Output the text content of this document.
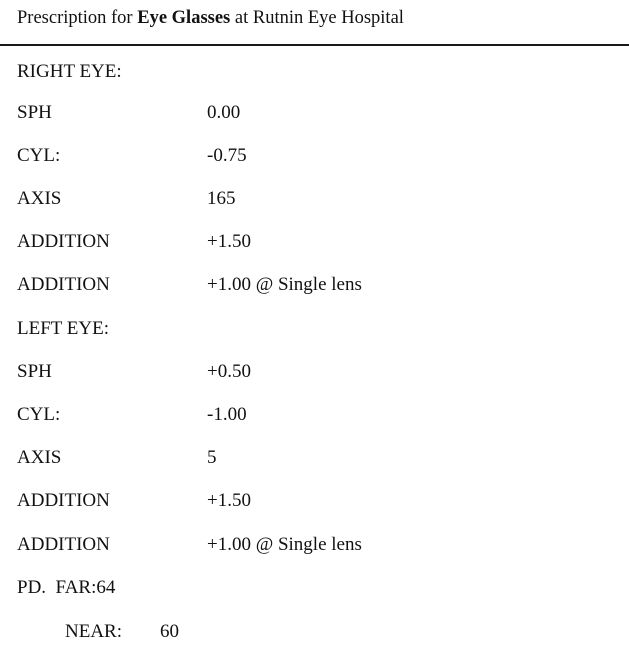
Prescription for Eye Glasses at Rutnin Eye Hospital
RIGHT EYE:
SPH	0.00
CYL:	-0.75
AXIS	165
ADDITION	+1.50
ADDITION	+1.00 @ Single lens
LEFT EYE:
SPH	+0.50
CYL:	-1.00
AXIS	5
ADDITION	+1.50
ADDITION	+1.00 @ Single lens
PD.  FAR:64
NEAR: 60
